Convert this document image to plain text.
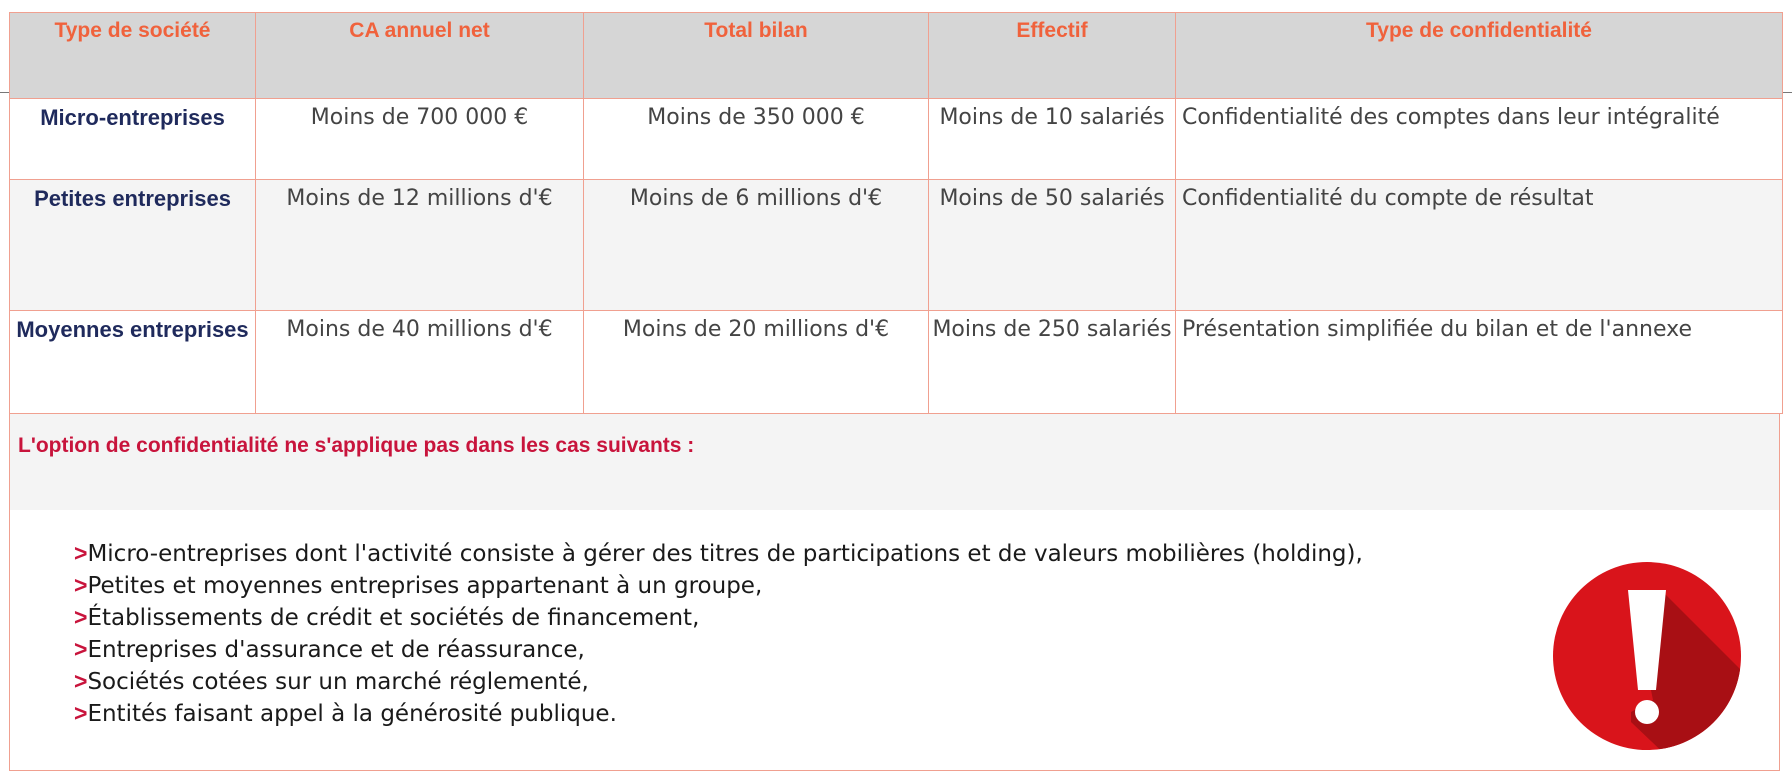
Type de société	CA annuel net	Total bilan	Effectif	Type de confidentialité
Micro-entreprises	Moins de 700 000 €	Moins de 350 000 €	Moins de 10 salariés	Confidentialité des comptes dans leur intégralité
Petites entreprises	Moins de 12 millions d'€	Moins de 6 millions d'€	Moins de 50 salariés	Confidentialité du compte de résultat
Moyennes entreprises	Moins de 40 millions d'€	Moins de 20 millions d'€	Moins de 250 salariés	Présentation simplifiée du bilan et de l'annexe
L'option de confidentialité ne s'applique pas dans les cas suivants :
>Micro-entreprises dont l'activité consiste à gérer des titres de participations et de valeurs mobilières (holding),
>Petites et moyennes entreprises appartenant à un groupe,
>Établissements de crédit et sociétés de financement,
>Entreprises d'assurance et de réassurance,
>Sociétés cotées sur un marché réglementé,
>Entités faisant appel à la générosité publique.
